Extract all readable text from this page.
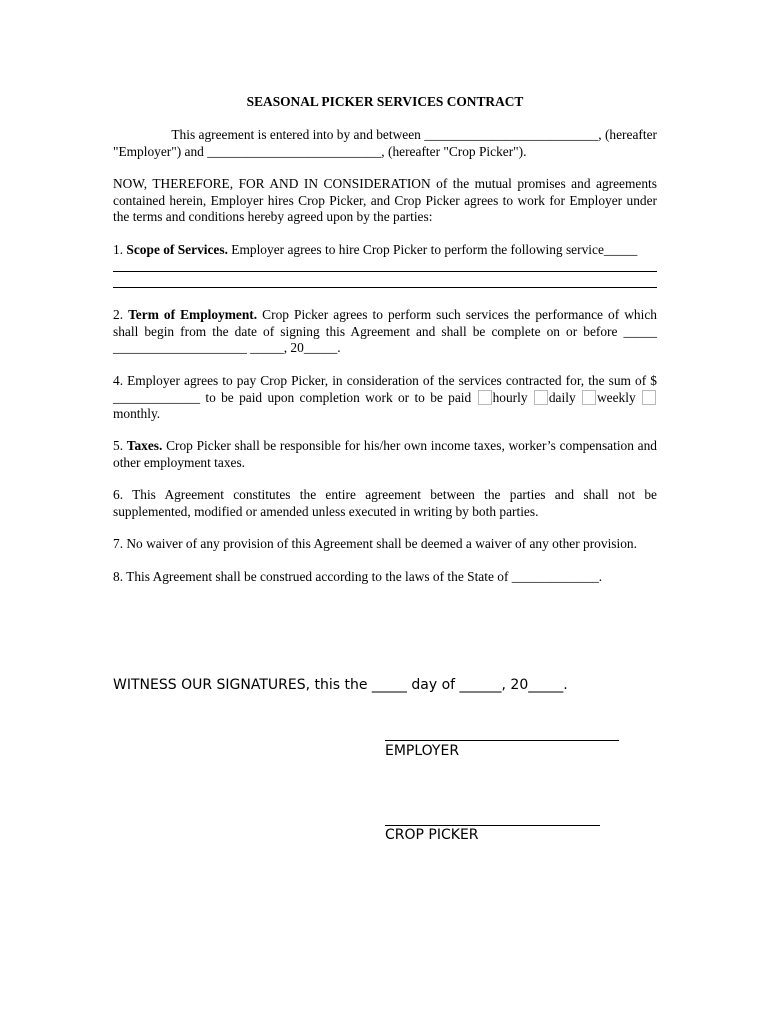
SEASONAL PICKER SERVICES CONTRACT
This agreement is entered into by and between __________________________, (hereafter
"Employer") and __________________________, (hereafter "Crop Picker").

NOW, THEREFORE, FOR AND IN CONSIDERATION of the mutual promises and agreements contained herein, Employer hires Crop Picker, and Crop Picker agrees to work for Employer under the terms and conditions hereby agreed upon by the parties:

1. Scope of Services. Employer agrees to hire Crop Picker to perform the following service_____

2. Term of Employment. Crop Picker agrees to perform such services the performance of which shall begin from the date of signing this Agreement and shall be complete on or before _____ ____________________ _____, 20_____.

4. Employer agrees to pay Crop Picker, in consideration of the services contracted for, the sum of $ _____________ to be paid upon completion work or to be paid hourly daily weekly  monthly.

5. Taxes. Crop Picker shall be responsible for his/her own income taxes, worker’s compensation and other employment taxes.

6. This Agreement constitutes the entire agreement between the parties and shall not be supplemented, modified or amended unless executed in writing by both parties.

7. No waiver of any provision of this Agreement shall be deemed a waiver of any other provision.

8. This Agreement shall be construed according to the laws of the State of _____________.

WITNESS OUR SIGNATURES, this the _____ day of ______, 20_____.
EMPLOYER
CROP PICKER
